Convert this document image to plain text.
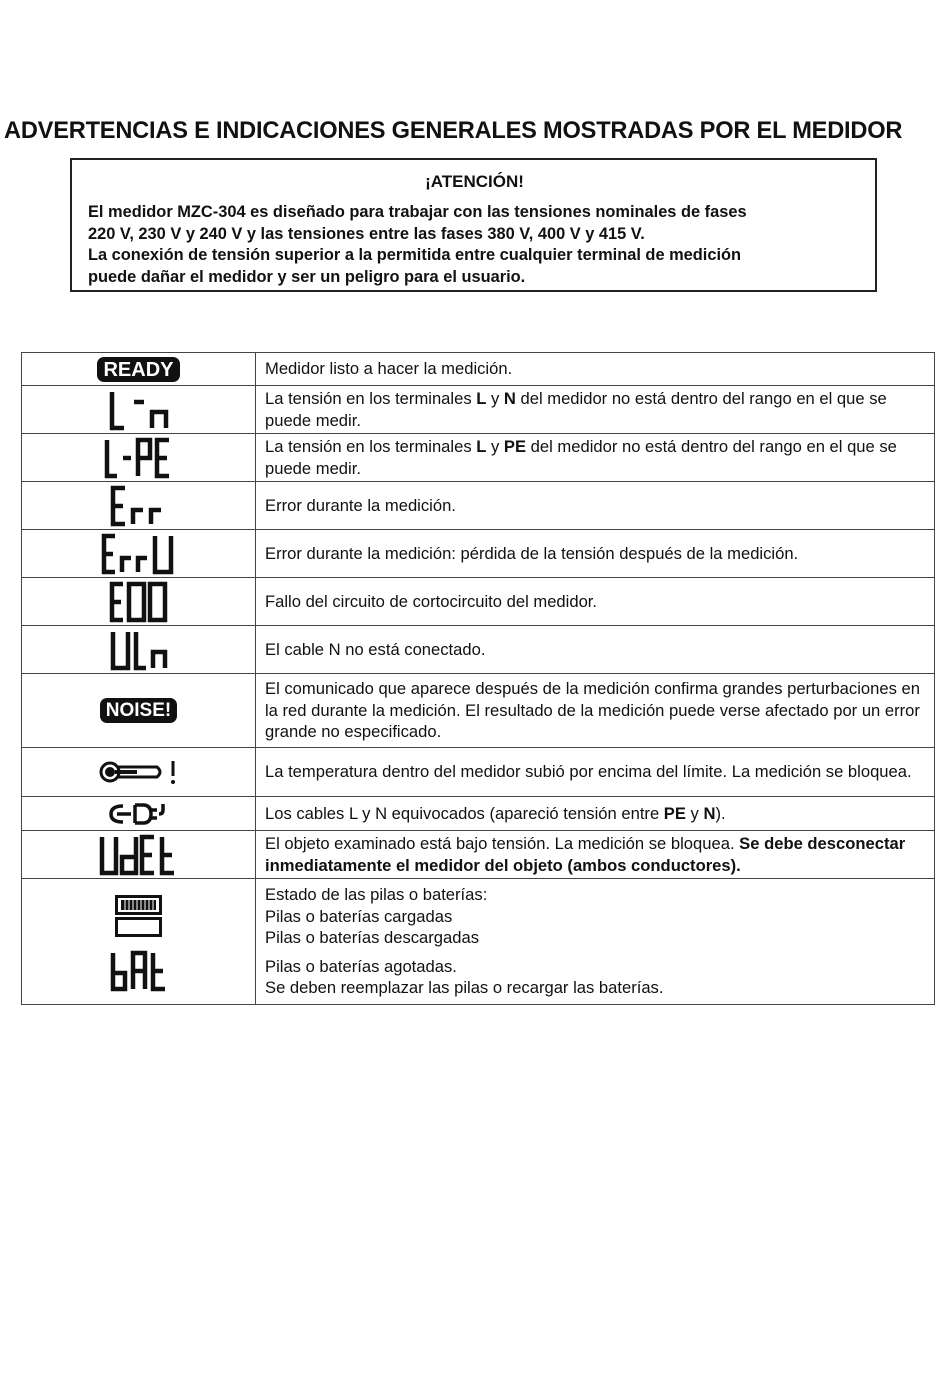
ADVERTENCIAS E INDICACIONES GENERALES MOSTRADAS POR EL MEDIDOR
¡ATENCIÓN!

El medidor MZC-304 es diseñado para trabajar con las tensiones nominales de fases

220 V, 230 V y 240 V y las tensiones entre las fases 380 V, 400 V y 415 V.

La conexión de tensión superior a la permitida entre cualquier terminal de medición

puede dañar el medidor y ser un peligro para el usuario.

READY	Medidor listo a hacer la medición.

	La tensión en los terminales L y N del medidor no está dentro del rango en el que se puede medir.

	La tensión en los terminales L y PE del medidor no está dentro del rango en el que se puede medir.

	Error durante la medición.

	Error durante la medición: pérdida de la tensión después de la medición.

	Fallo del circuito de cortocircuito del medidor.

	El cable N no está conectado.
NOISE!	El comunicado que aparece después de la medición confirma grandes perturbaciones en la red durante la medición. El resultado de la medición puede verse afectado por un error grande no especificado.

	La temperatura dentro del medidor subió por encima del límite. La medición se bloquea.

	Los cables L y N equivocados (apareció tensión entre PE y N).

	El objeto examinado está bajo tensión. La medición se bloquea. Se debe desconectar inmediatamente el medidor del objeto (ambos conductores).

Estado de las pilas o baterías:
Pilas o baterías cargadas
Pilas o baterías descargadas
Pilas o baterías agotadas.
Se deben reemplazar las pilas o recargar las baterías.
